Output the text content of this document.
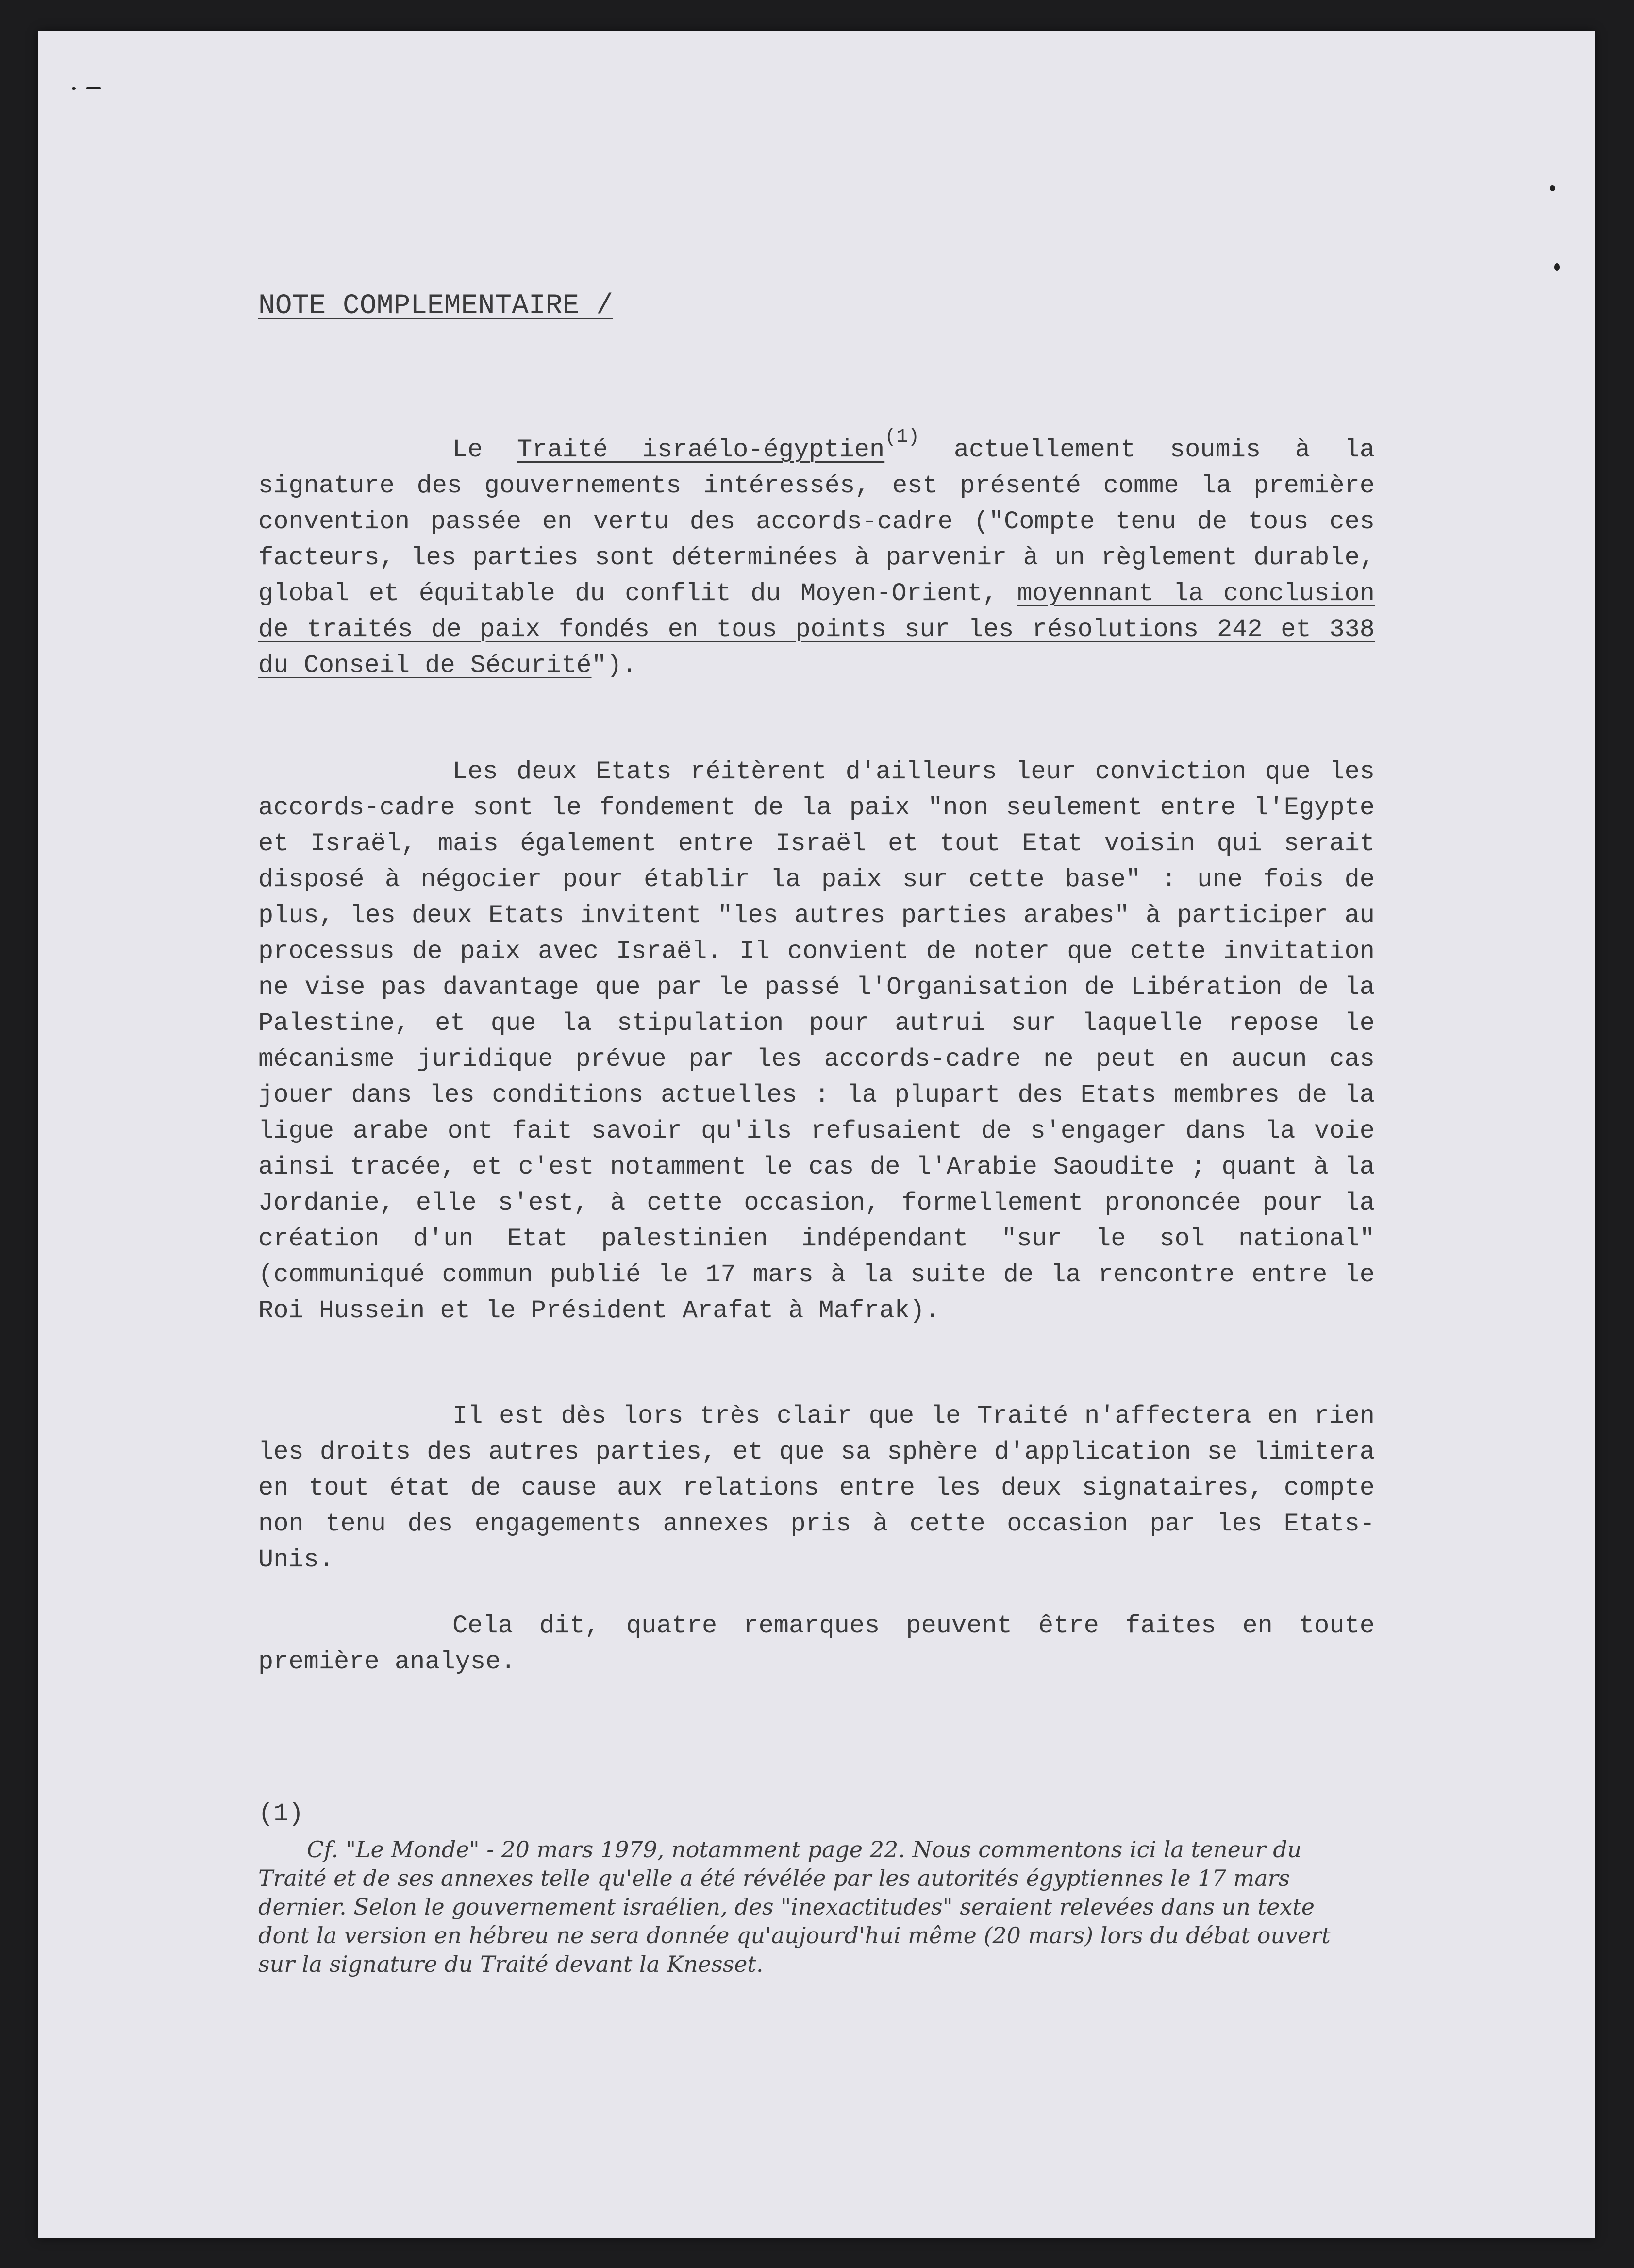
NOTE COMPLEMENTAIRE /

Le Traité israélo-égyptien$^{(1)}$ actuellement soumis à la signature des gouvernements intéressés, est présenté comme la première convention passée en vertu des accords-cadre ("Compte tenu de tous ces facteurs, les parties sont déterminées à parvenir à un règlement durable, global et équitable du conflit du Moyen-Orient, moyennant la conclusion de traités de paix fondés en tous points sur les résolutions 242 et 338 du Conseil de Sécurité").

Les deux Etats réitèrent d'ailleurs leur conviction que les accords-cadre sont le fondement de la paix "non seulement entre l'Egypte et Israël, mais également entre Israël et tout Etat voisin qui serait disposé à négocier pour établir la paix sur cette base" : une fois de plus, les deux Etats invitent "les autres parties arabes" à participer au processus de paix avec Israël. Il convient de noter que cette invitation ne vise pas davantage que par le passé l'Organisation de Libération de la Palestine, et que la stipulation pour autrui sur laquelle repose le mécanisme juridique prévue par les accords-cadre ne peut en aucun cas jouer dans les conditions actuelles : la plupart des Etats membres de la ligue arabe ont fait savoir qu'ils refusaient de s'engager dans la voie ainsi tracée, et c'est notamment le cas de l'Arabie Saoudite ; quant à la Jordanie, elle s'est, à cette occasion, formellement prononcée pour la création d'un Etat palestinien indépendant "sur le sol national" (communiqué commun publié le 17 mars à la suite de la rencontre entre le Roi Hussein et le Président Arafat à Mafrak).

Il est dès lors très clair que le Traité n'affectera en rien les droits des autres parties, et que sa sphère d'application se limitera en tout état de cause aux relations entre les deux signataires, compte non tenu des engagements annexes pris à cette occasion par les Etats-Unis.

Cela dit, quatre remarques peuvent être faites en toute première analyse.

(1)
Cf. "Le Monde" - 20 mars 1979, notamment page 22. Nous commentons ici la teneur du Traité et de ses annexes telle qu'elle a été révélée par les autorités égyptiennes le 17 mars dernier. Selon le gouvernement israélien, des "inexactitudes" seraient relevées dans un texte dont la version en hébreu ne sera donnée qu'aujourd'hui même (20 mars) lors du débat ouvert sur la signature du Traité devant la Knesset.
